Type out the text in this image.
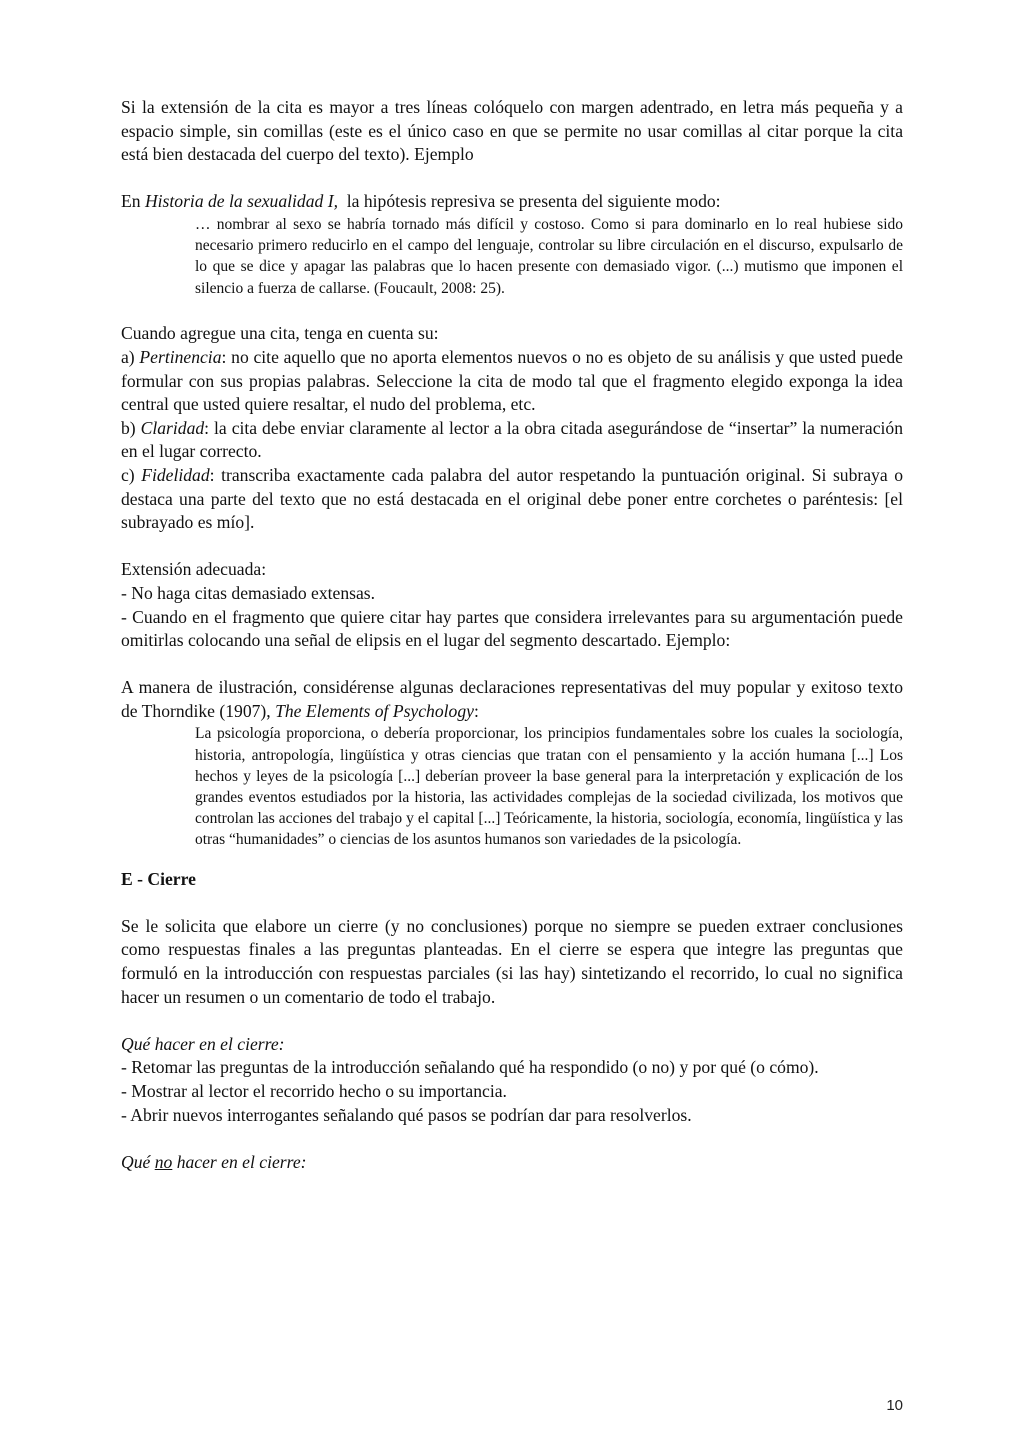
Si la extensión de la cita es mayor a tres líneas colóquelo con margen adentrado, en letra más pequeña y a espacio simple, sin comillas (este es el único caso en que se permite no usar comillas al citar porque la cita está bien destacada del cuerpo del texto). Ejemplo

En Historia de la sexualidad I,  la hipótesis represiva se presenta del siguiente modo:

… nombrar al sexo se habría tornado más difícil y costoso. Como si para dominarlo en lo real hubiese sido necesario primero reducirlo en el campo del lenguaje, controlar su libre circulación en el discurso, expulsarlo de lo que se dice y apagar las palabras que lo hacen presente con demasiado vigor. (...) mutismo que imponen el silencio a fuerza de callarse. (Foucault, 2008: 25).

Cuando agregue una cita, tenga en cuenta su:

a) Pertinencia: no cite aquello que no aporta elementos nuevos o no es objeto de su análisis y que usted puede formular con sus propias palabras. Seleccione la cita de modo tal que el fragmento elegido exponga la idea central que usted quiere resaltar, el nudo del problema, etc.

b) Claridad: la cita debe enviar claramente al lector a la obra citada asegurándose de “insertar” la numeración en el lugar correcto.

c) Fidelidad: transcriba exactamente cada palabra del autor respetando la puntuación original. Si subraya o destaca una parte del texto que no está destacada en el original debe poner entre corchetes o paréntesis: [el subrayado es mío].

Extensión adecuada:

- No haga citas demasiado extensas.

- Cuando en el fragmento que quiere citar hay partes que considera irrelevantes para su argumentación puede omitirlas colocando una señal de elipsis en el lugar del segmento descartado. Ejemplo:

A manera de ilustración, considérense algunas declaraciones representativas del muy popular y exitoso texto de Thorndike (1907), The Elements of Psychology:

La psicología proporciona, o debería proporcionar, los principios fundamentales sobre los cuales la sociología, historia, antropología, lingüística y otras ciencias que tratan con el pensamiento y la acción humana [...] Los hechos y leyes de la psicología [...] deberían proveer la base general para la interpretación y explicación de los grandes eventos estudiados por la historia, las actividades complejas de la sociedad civilizada, los motivos que controlan las acciones del trabajo y el capital [...] Teóricamente, la historia, sociología, economía, lingüística y las otras “humanidades” o ciencias de los asuntos humanos son variedades de la psicología.

E - Cierre

Se le solicita que elabore un cierre (y no conclusiones) porque no siempre se pueden extraer conclusiones como respuestas finales a las preguntas planteadas. En el cierre se espera que integre las preguntas que formuló en la introducción con respuestas parciales (si las hay) sintetizando el recorrido, lo cual no significa hacer un resumen o un comentario de todo el trabajo.

Qué hacer en el cierre:

- Retomar las preguntas de la introducción señalando qué ha respondido (o no) y por qué (o cómo).

- Mostrar al lector el recorrido hecho o su importancia.

- Abrir nuevos interrogantes señalando qué pasos se podrían dar para resolverlos.

Qué no hacer en el cierre:

10
